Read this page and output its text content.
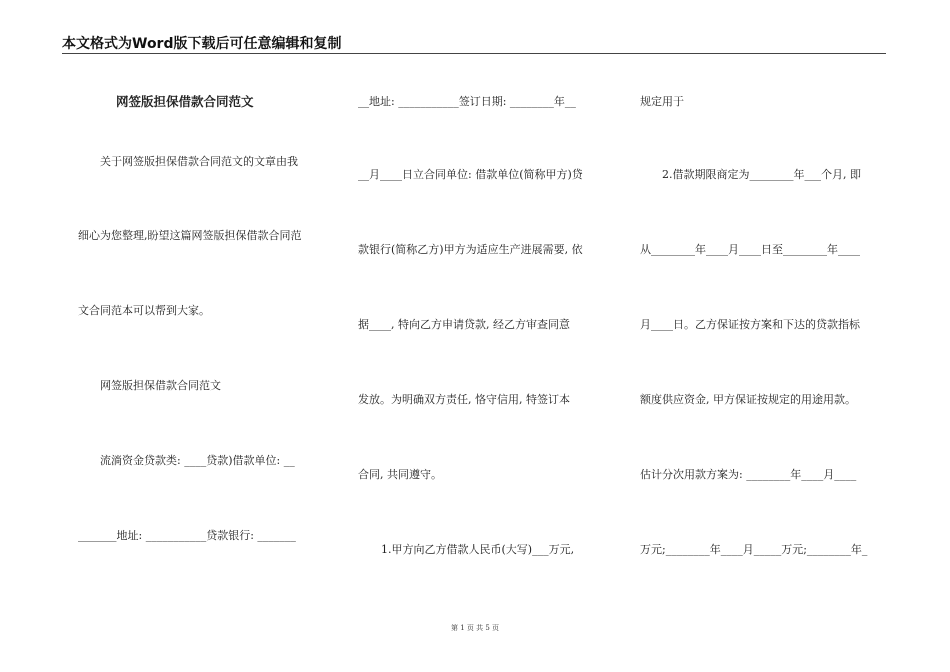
本文格式为Word版下载后可任意编辑和复制
网签版担保借款合同范文
关于网签版担保借款合同范文的文章由我
细心为您整理,盼望这篇网签版担保借款合同范
文合同范本可以帮到大家。
网签版担保借款合同范文
流淌资金贷款类: ____贷款)借款单位: __
_______地址: ___________贷款银行: _______
__地址: ___________签订日期: ________年__
__月____日立合同单位: 借款单位(简称甲方)贷
款银行(简称乙方)甲方为适应生产进展需要, 依
据____, 特向乙方申请贷款, 经乙方审查同意
发放。为明确双方责任, 恪守信用, 特签订本
合同, 共同遵守。
1.甲方向乙方借款人民币(大写)___万元,
规定用于
2.借款期限商定为________年___个月, 即
从________年____月____日至________年____
月____日。乙方保证按方案和下达的贷款指标
额度供应资金, 甲方保证按规定的用途用款。
估计分次用款方案为: ________年____月____
万元;________年____月_____万元;________年_
第 1 页 共 5 页
